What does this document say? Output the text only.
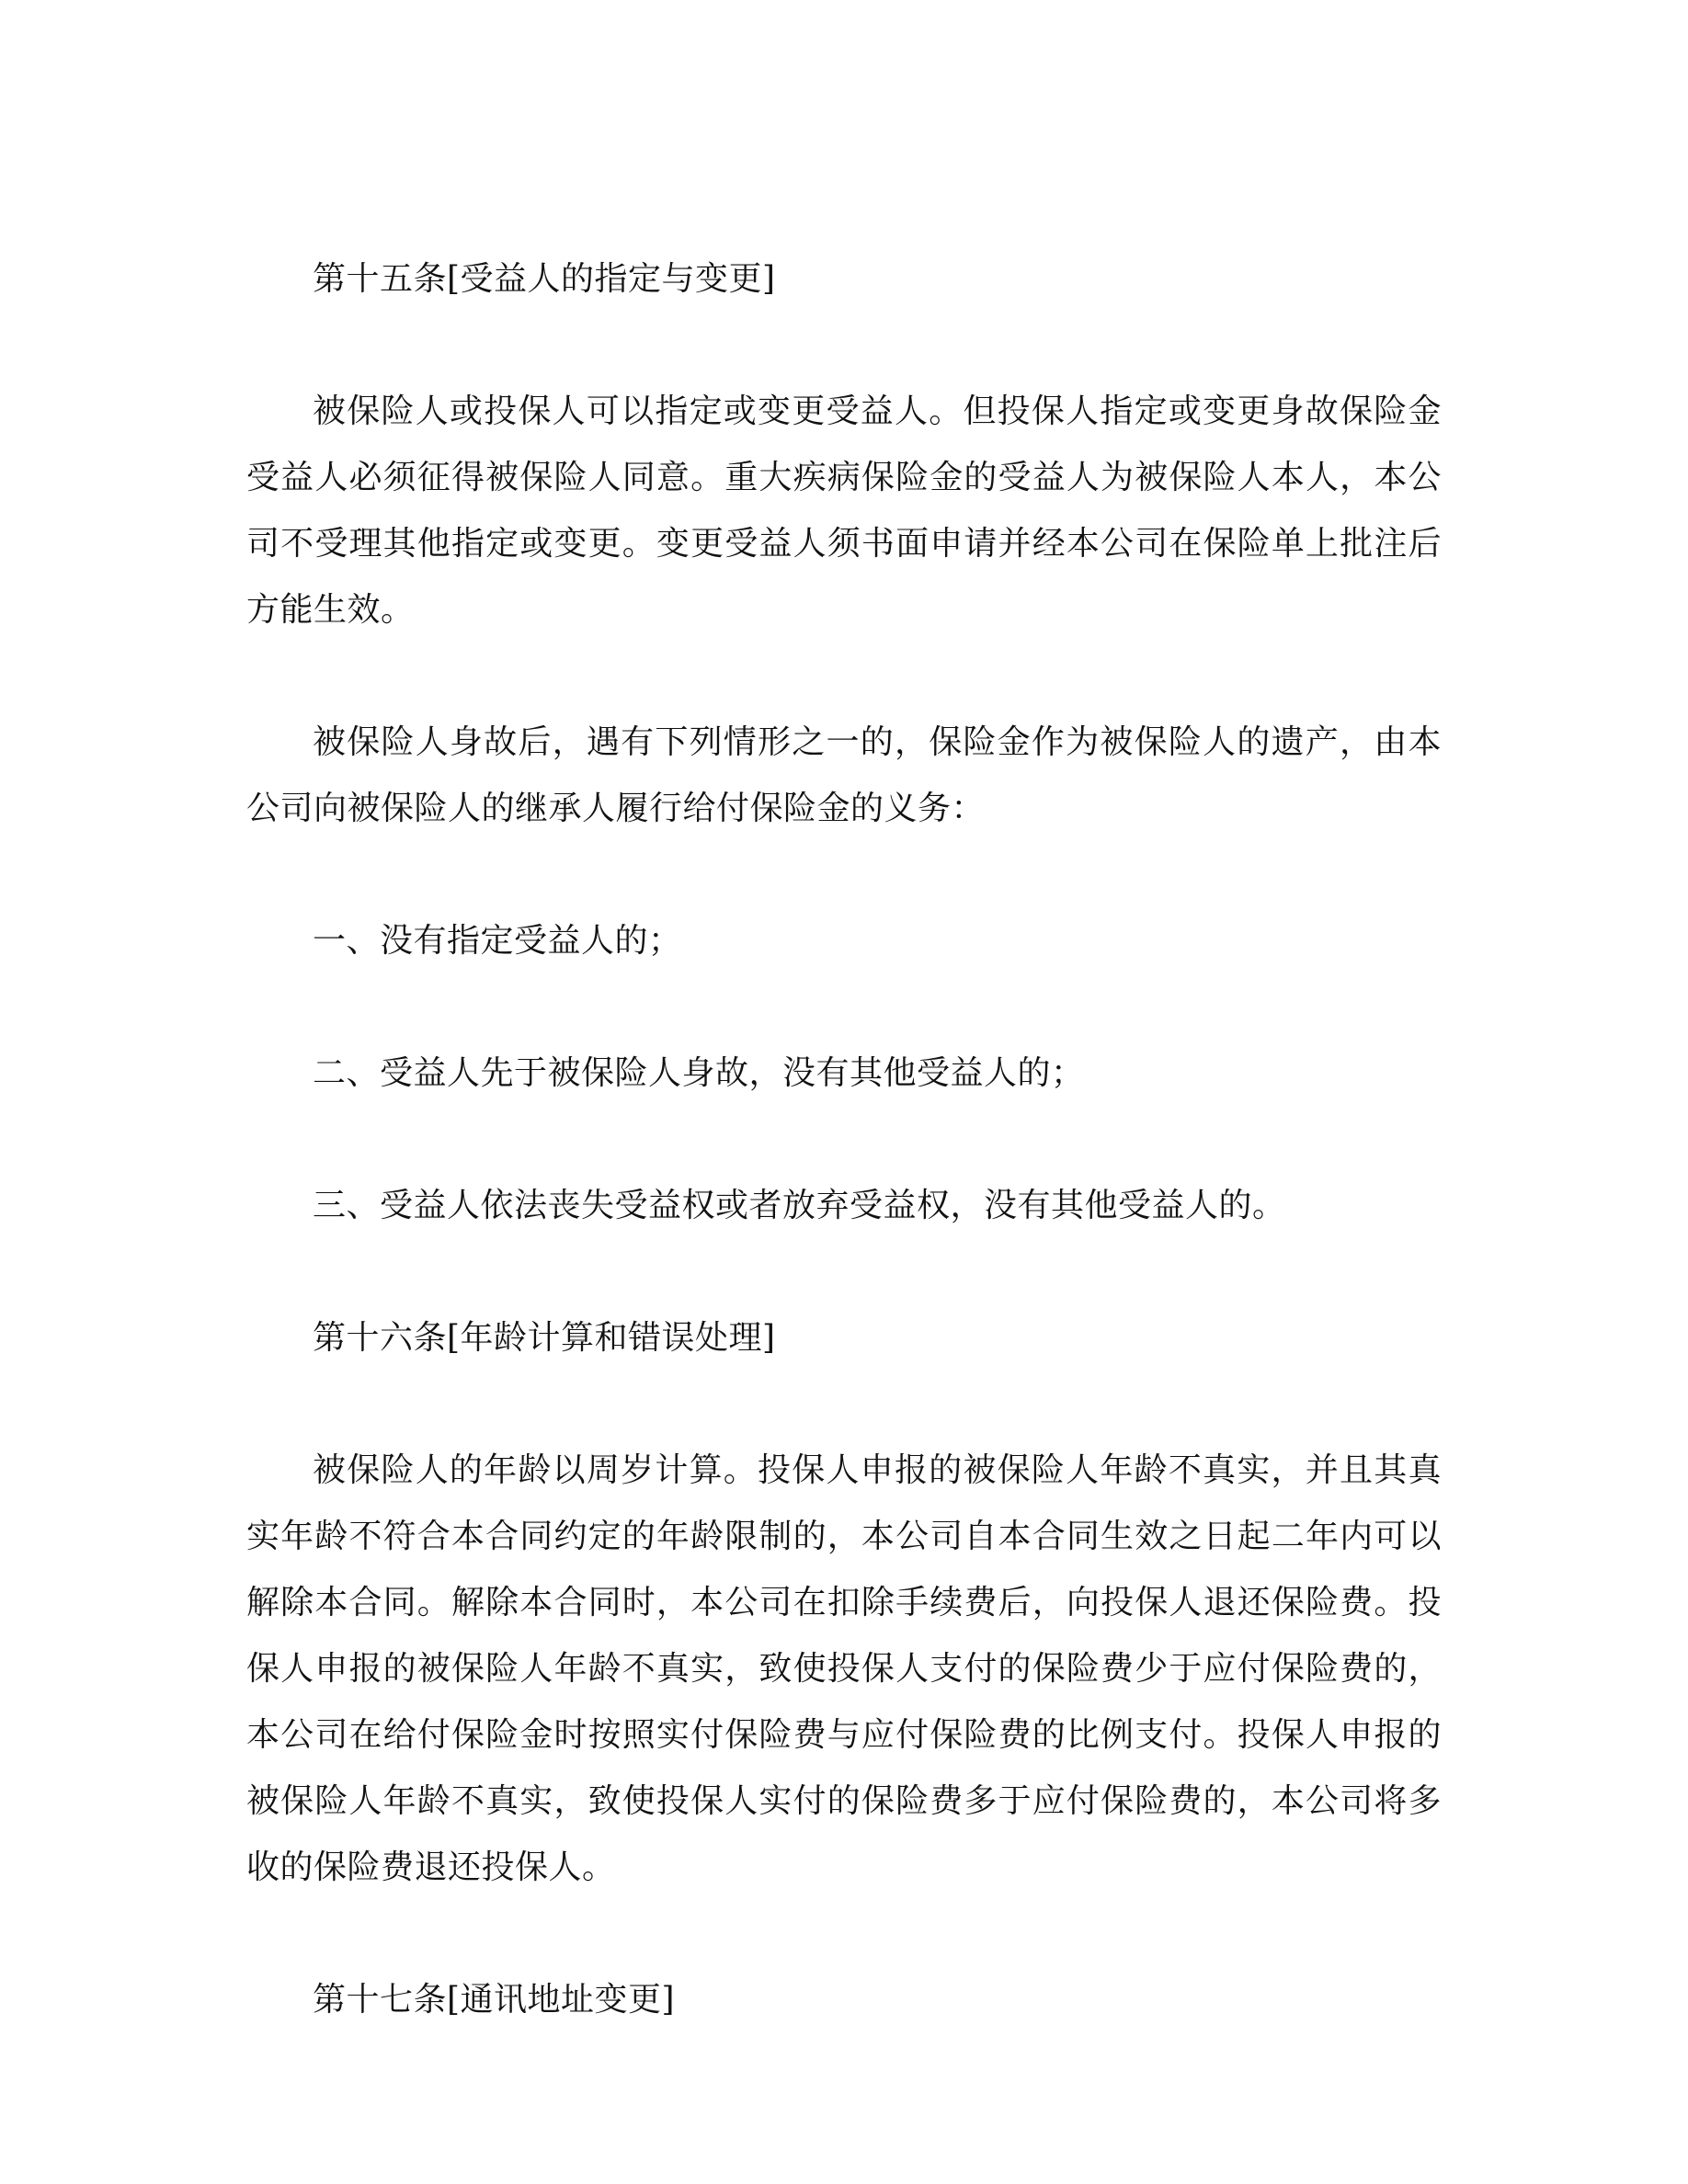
第十五条[受益人的指定与变更]

被保险人或投保人可以指定或变更受益人。但投保人指定或变更身故保险金受益人必须征得被保险人同意。重大疾病保险金的受益人为被保险人本人，本公司不受理其他指定或变更。变更受益人须书面申请并经本公司在保险单上批注后方能生效。

被保险人身故后，遇有下列情形之一的，保险金作为被保险人的遗产，由本公司向被保险人的继承人履行给付保险金的义务：

一、没有指定受益人的；

二、受益人先于被保险人身故，没有其他受益人的；

三、受益人依法丧失受益权或者放弃受益权，没有其他受益人的。

第十六条[年龄计算和错误处理]

被保险人的年龄以周岁计算。投保人申报的被保险人年龄不真实，并且其真实年龄不符合本合同约定的年龄限制的，本公司自本合同生效之日起二年内可以解除本合同。解除本合同时，本公司在扣除手续费后，向投保人退还保险费。投保人申报的被保险人年龄不真实，致使投保人支付的保险费少于应付保险费的，本公司在给付保险金时按照实付保险费与应付保险费的比例支付。投保人申报的被保险人年龄不真实，致使投保人实付的保险费多于应付保险费的，本公司将多收的保险费退还投保人。

第十七条[通讯地址变更]
